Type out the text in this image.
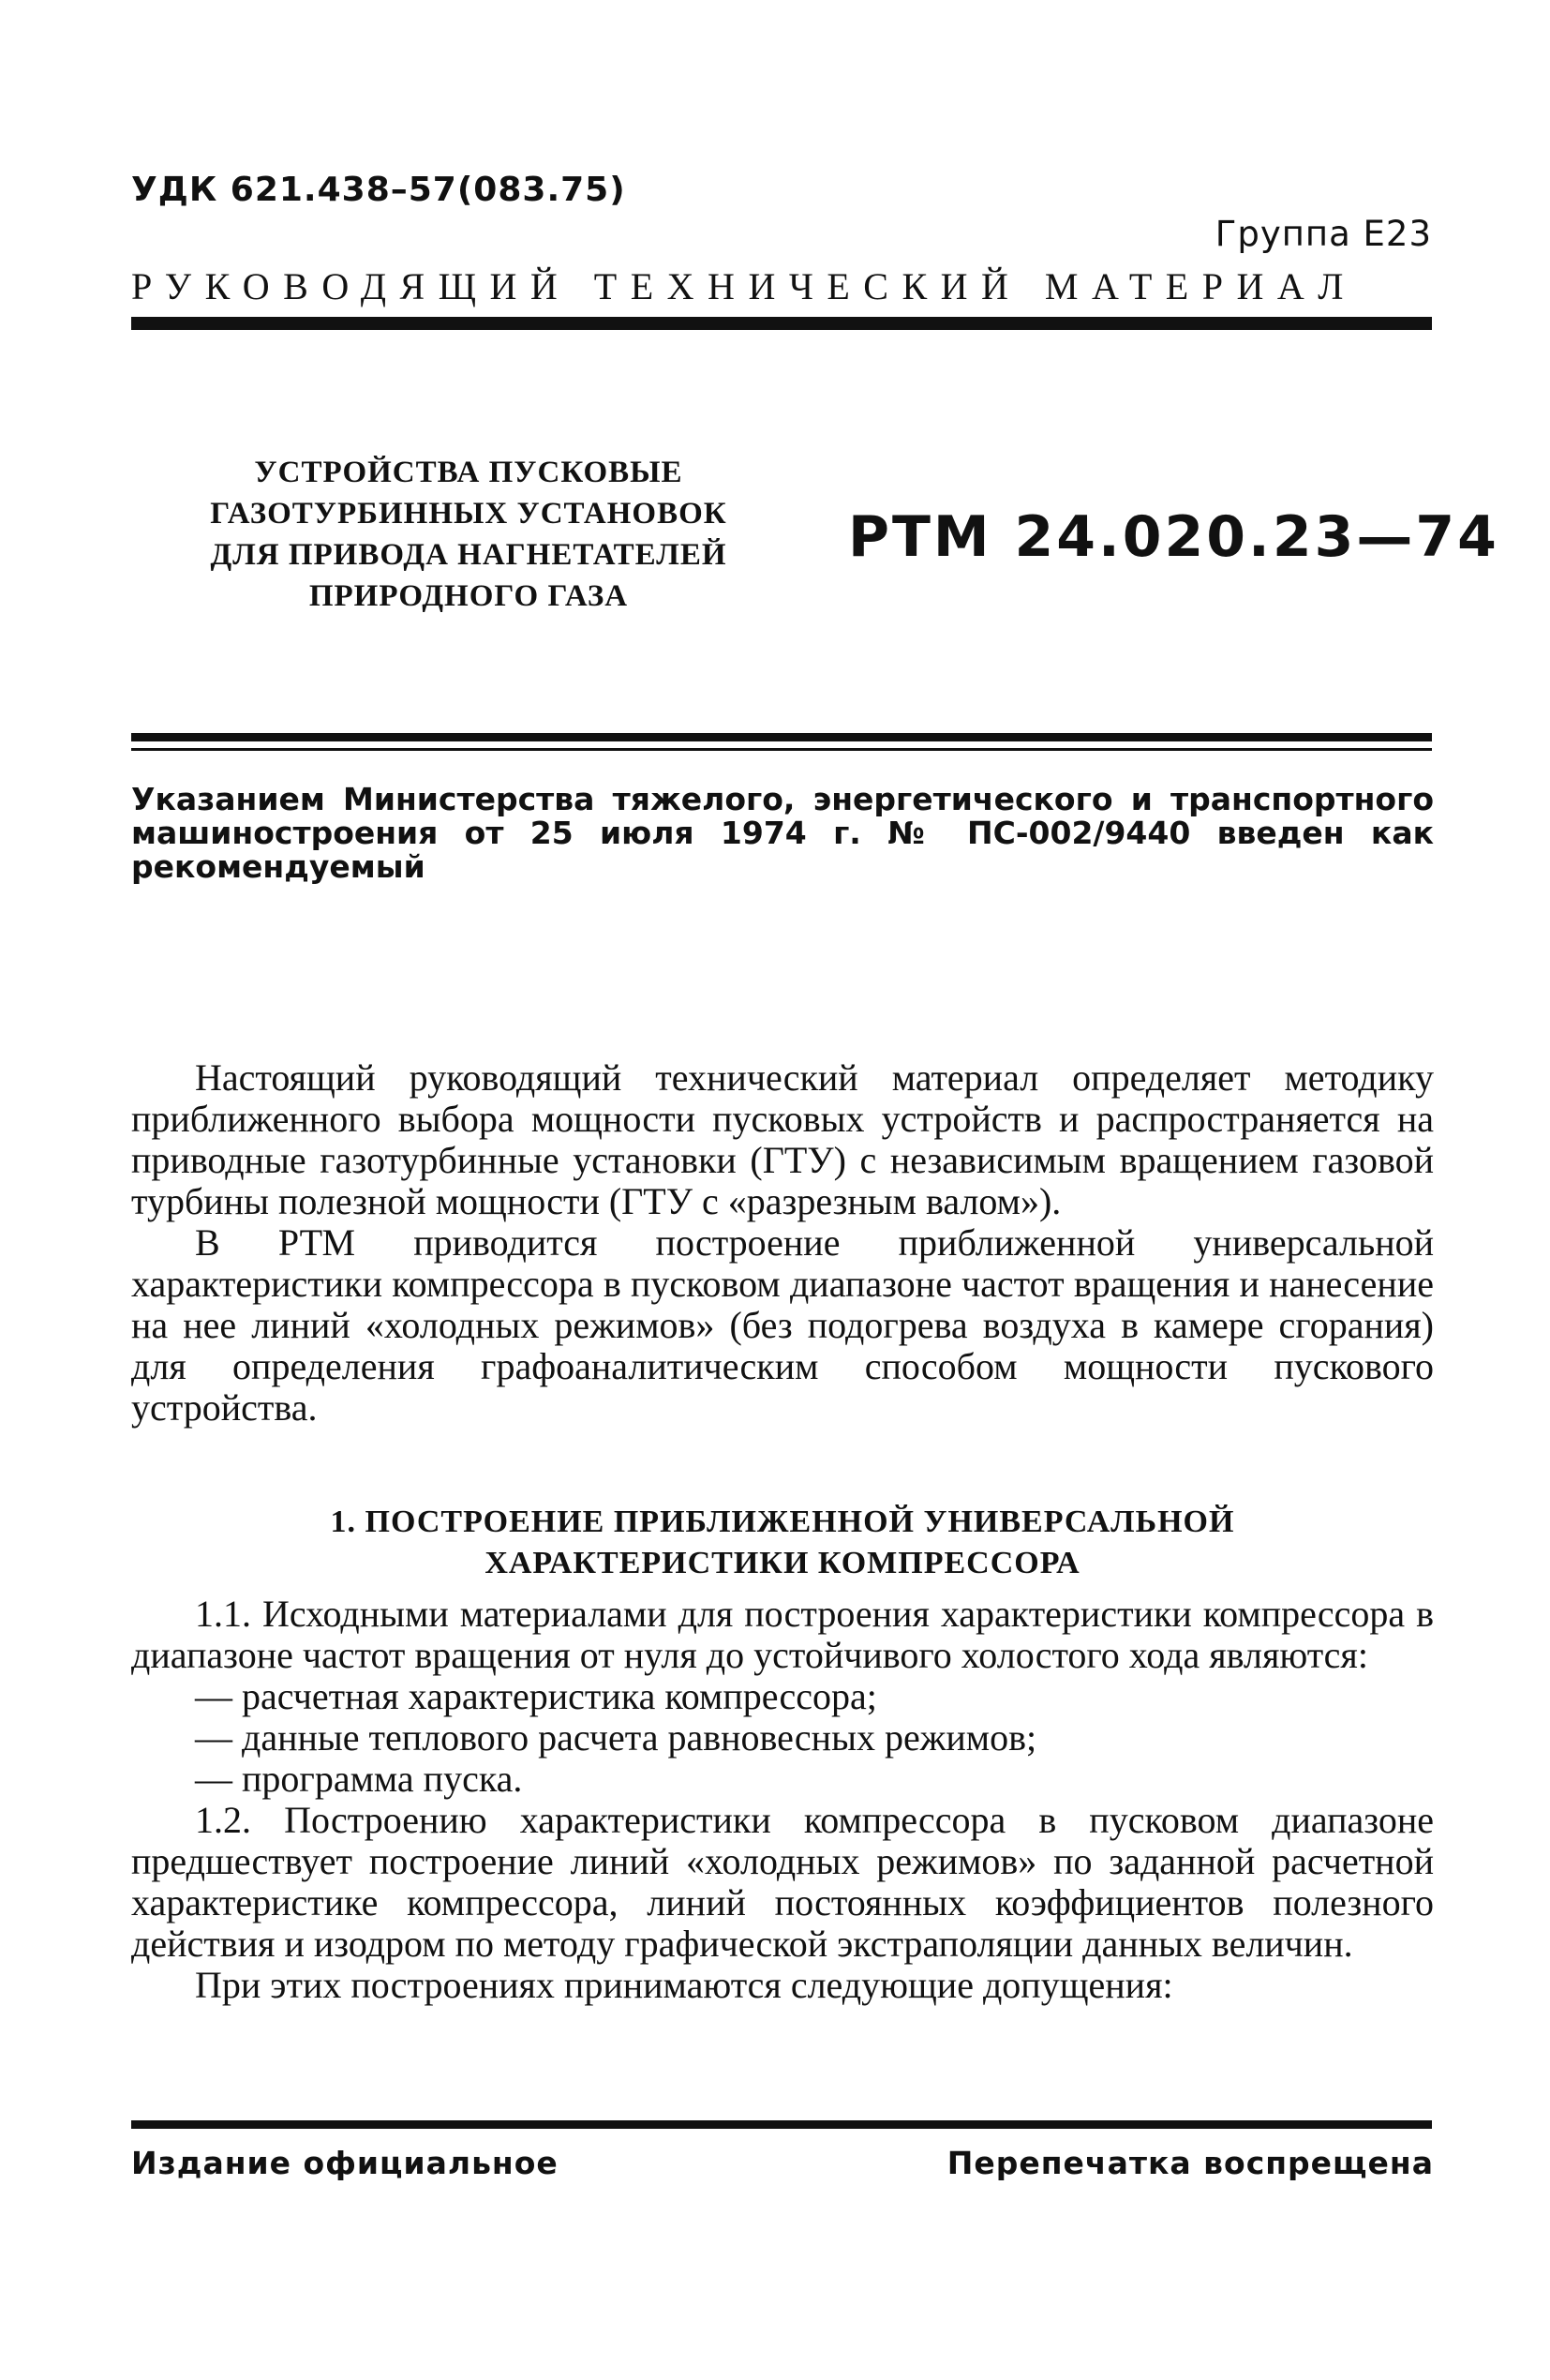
УДК 621.438–57(083.75)
Группа Е23
РУКОВОДЯЩИЙ ТЕХНИЧЕСКИЙ МАТЕРИАЛ
УСТРОЙСТВА ПУСКОВЫЕ
ГАЗОТУРБИННЫХ УСТАНОВОК
ДЛЯ ПРИВОДА НАГНЕТАТЕЛЕЙ
ПРИРОДНОГО ГАЗА
РТМ 24.020.23—74
Указанием Министерства тяжелого, энергетического и транспортного машиностроения от 25 июля 1974 г. № ПС-002/9440 введен как рекомендуемый

Настоящий руководящий технический материал определяет методику приближенного выбора мощности пусковых устройств и распространяется на приводные газотурбинные установки (ГТУ) с независимым вращением газовой турбины полезной мощности (ГТУ с «разрезным валом»).

В РТМ приводится построение приближенной универсальной характеристики компрессора в пусковом диапазоне частот вращения и нанесение на нее линий «холодных режимов» (без подогрева воздуха в камере сгорания) для определения графоаналитическим способом мощности пускового устройства.

1. ПОСТРОЕНИЕ ПРИБЛИЖЕННОЙ УНИВЕРСАЛЬНОЙ
ХАРАКТЕРИСТИКИ КОМПРЕССОРА

1.1. Исходными материалами для построения характеристики компрессора в диапазоне частот вращения от нуля до устойчивого холостого хода являются:

— расчетная характеристика компрессора;

— данные теплового расчета равновесных режимов;

— программа пуска.

1.2. Построению характеристики компрессора в пусковом диапазоне предшествует построение линий «холодных режимов» по заданной расчетной характеристике компрессора, линий постоянных коэффициентов полезного действия и изодром по методу графической экстраполяции данных величин.

При этих построениях принимаются следующие допущения:

Издание официальное	Перепечатка воспрещена
